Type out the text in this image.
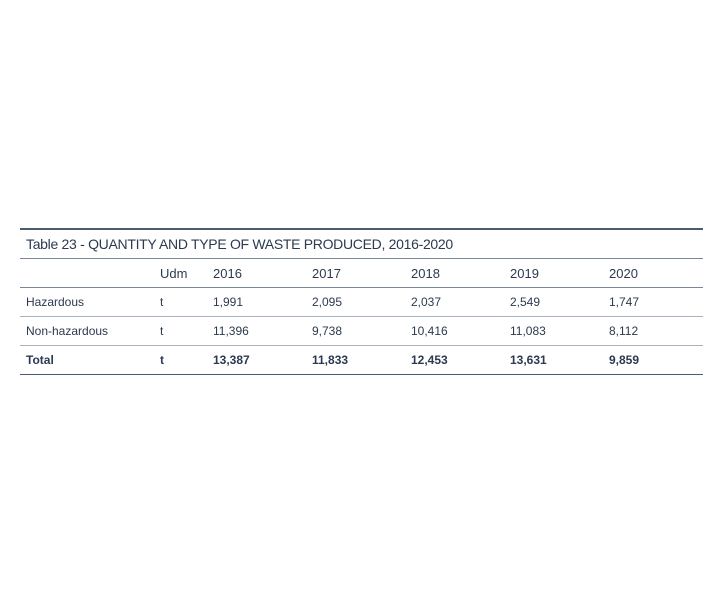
Table 23 - QUANTITY AND TYPE OF WASTE PRODUCED, 2016-2020
	Udm	2016	2017	2018	2019	2020
Hazardous	t	1,991	2,095	2,037	2,549	1,747
Non-hazardous	t	11,396	9,738	10,416	11,083	8,112
Total	t	13,387	11,833	12,453	13,631	9,859
